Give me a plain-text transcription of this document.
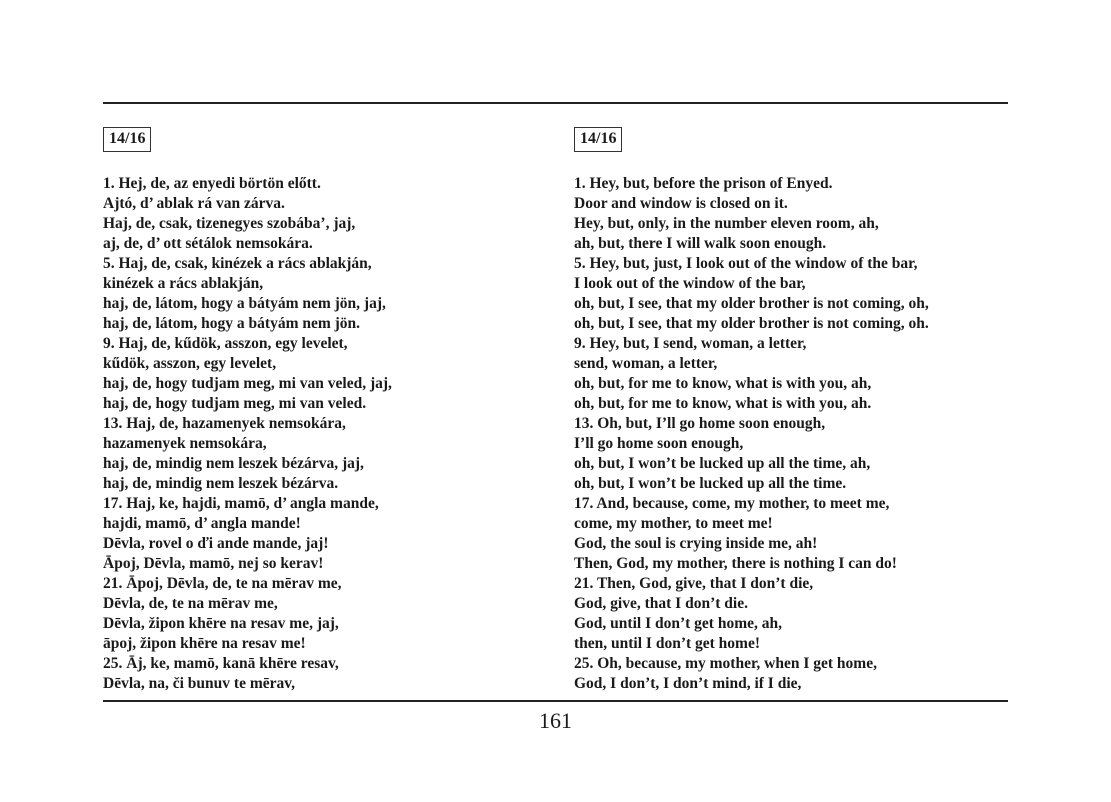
14/16
1. Hej, de, az enyedi börtön előtt.
Ajtó, d’ ablak rá van zárva.
Haj, de, csak, tizenegyes szobába’, jaj,
aj, de, d’ ott sétálok nemsokára.
5. Haj, de, csak, kinézek a rács ablakján,
kinézek a rács ablakján,
haj, de, látom, hogy a bátyám nem jön, jaj,
haj, de, látom, hogy a bátyám nem jön.
9. Haj, de, kűdök, asszon, egy levelet,
kűdök, asszon, egy levelet,
haj, de, hogy tudjam meg, mi van veled, jaj,
haj, de, hogy tudjam meg, mi van veled.
13. Haj, de, hazamenyek nemsokára,
hazamenyek nemsokára,
haj, de, mindig nem leszek bézárva, jaj,
haj, de, mindig nem leszek bézárva.
17. Haj, ke, hajdi, mamō, d’ angla mande,
hajdi, mamō, d’ angla mande!
Dēvla, rovel o ďi ande mande, jaj!
Āpoj, Dēvla, mamō, nej so kerav!
21. Āpoj, Dēvla, de, te na mērav me,
Dēvla, de, te na mērav me,
Dēvla, žipon khēre na resav me, jaj,
āpoj, žipon khēre na resav me!
25. Āj, ke, mamō, kanā khēre resav,
Dēvla, na, či bunuv te mērav,
14/16
1. Hey, but, before the prison of Enyed.
Door and window is closed on it.
Hey, but, only, in the number eleven room, ah,
ah, but, there I will walk soon enough.
5. Hey, but, just, I look out of the window of the bar,
I look out of the window of the bar,
oh, but, I see, that my older brother is not coming, oh,
oh, but, I see, that my older brother is not coming, oh.
9. Hey, but, I send, woman, a letter,
send, woman, a letter,
oh, but, for me to know, what is with you, ah,
oh, but, for me to know, what is with you, ah.
13. Oh, but, I’ll go home soon enough,
I’ll go home soon enough,
oh, but, I won’t be lucked up all the time, ah,
oh, but, I won’t be lucked up all the time.
17. And, because, come, my mother, to meet me,
come, my mother, to meet me!
God, the soul is crying inside me, ah!
Then, God, my mother, there is nothing I can do!
21. Then, God, give, that I don’t die,
God, give, that I don’t die.
God, until I don’t get home, ah,
then, until I don’t get home!
25. Oh, because, my mother, when I get home,
God, I don’t, I don’t mind, if I die,
161
